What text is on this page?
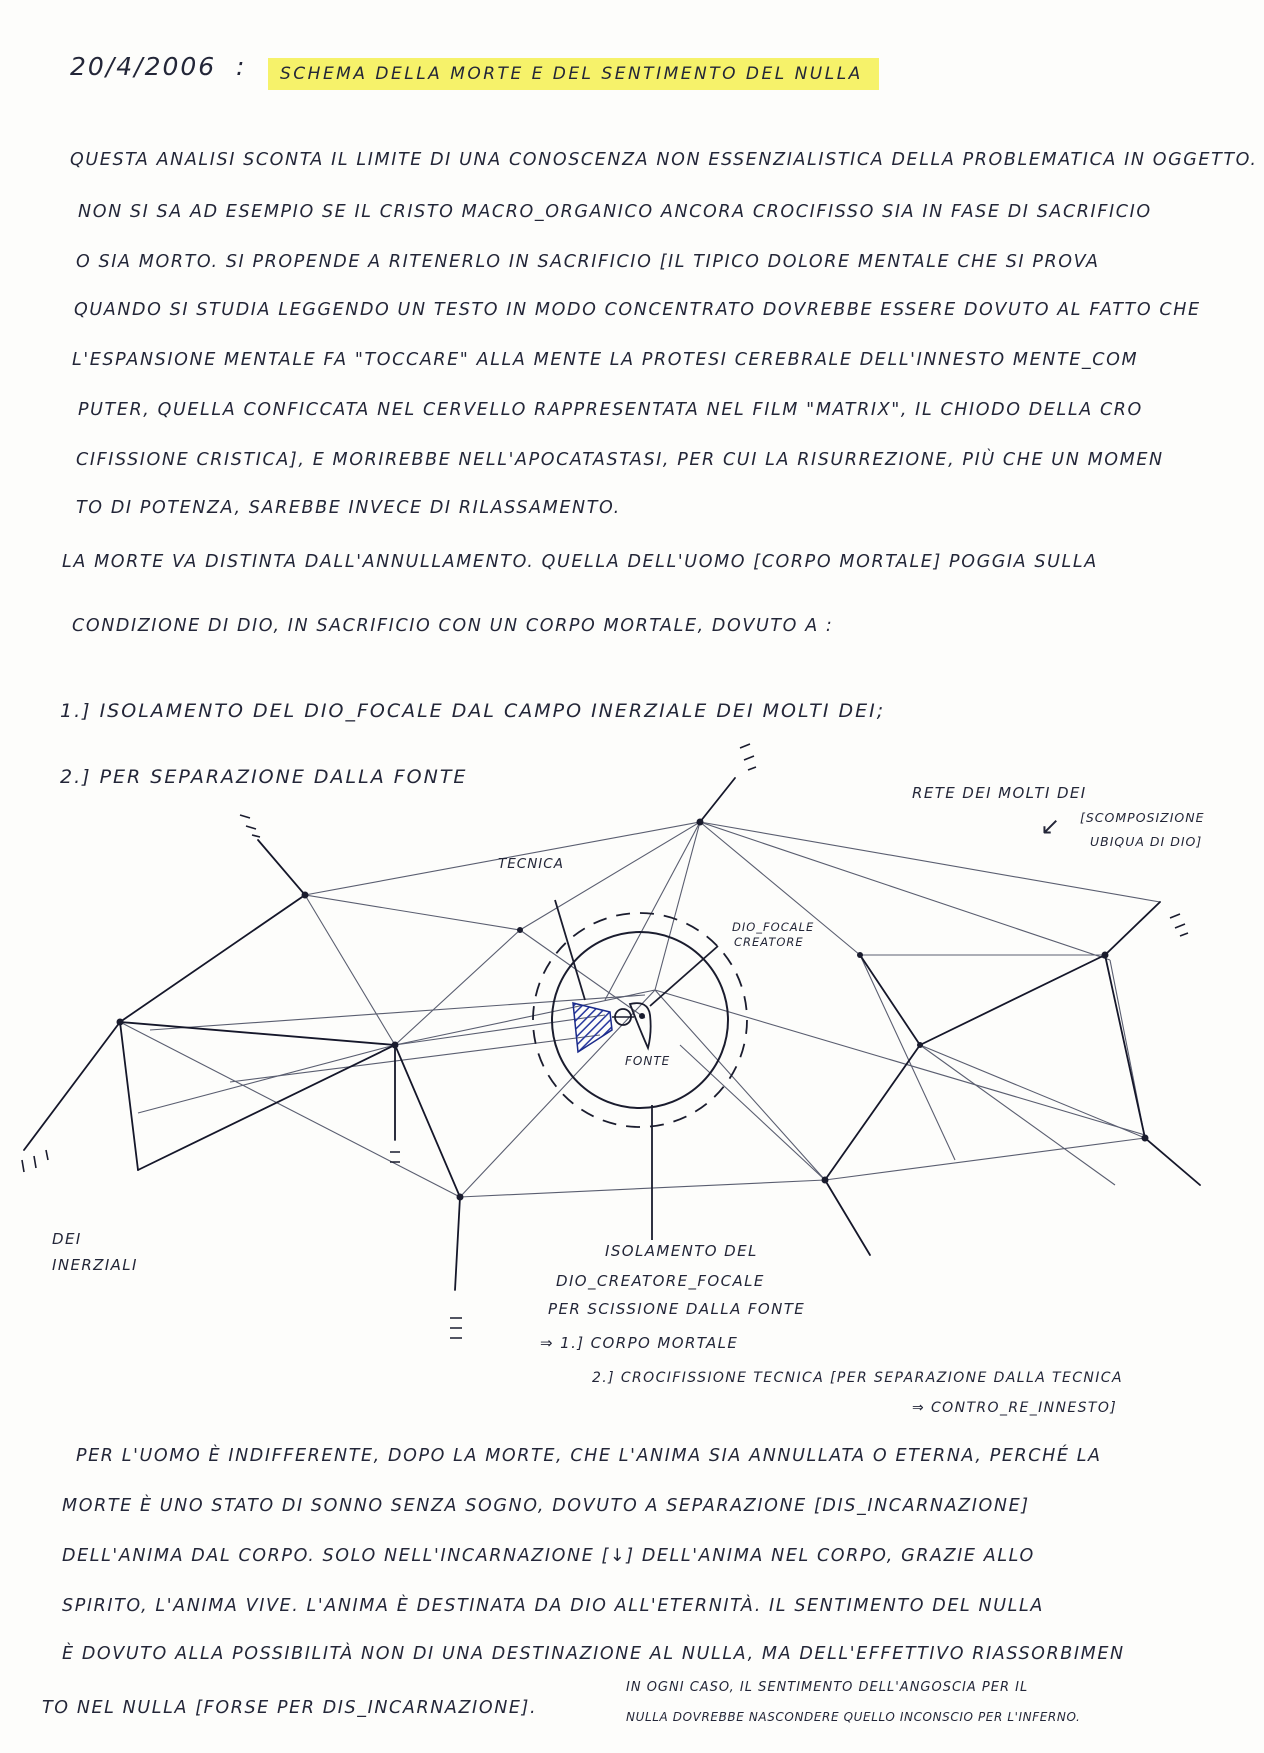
20/4/2006 :	SCHEMA DELLA MORTE E DEL SENTIMENTO DEL NULLA
QUESTA ANALISI SCONTA IL LIMITE DI UNA CONOSCENZA NON ESSENZIALISTICA DELLA PROBLEMATICA IN OGGETTO.
NON SI SA AD ESEMPIO SE IL CRISTO MACRO_ORGANICO ANCORA CROCIFISSO SIA IN FASE DI SACRIFICIO
O SIA MORTO. SI PROPENDE A RITENERLO IN SACRIFICIO [IL TIPICO DOLORE MENTALE CHE SI PROVA
QUANDO SI STUDIA LEGGENDO UN TESTO IN MODO CONCENTRATO DOVREBBE ESSERE DOVUTO AL FATTO CHE
L'ESPANSIONE MENTALE FA "TOCCARE" ALLA MENTE LA PROTESI CEREBRALE DELL'INNESTO MENTE_COM
PUTER, QUELLA CONFICCATA NEL CERVELLO RAPPRESENTATA NEL FILM "MATRIX", IL CHIODO DELLA CRO
CIFISSIONE CRISTICA], E MORIREBBE NELL'APOCATASTASI, PER CUI LA RISURREZIONE, PIÙ CHE UN MOMEN
TO DI POTENZA, SAREBBE INVECE DI RILASSAMENTO.
LA MORTE VA DISTINTA DALL'ANNULLAMENTO. QUELLA DELL'UOMO [CORPO MORTALE] POGGIA SULLA
CONDIZIONE DI DIO, IN SACRIFICIO CON UN CORPO MORTALE, DOVUTO A :
1.] ISOLAMENTO DEL DIO_FOCALE DAL CAMPO INERZIALE DEI MOLTI DEI;
2.] PER SEPARAZIONE DALLA FONTE
RETE DEI MOLTI DEI
↙ [SCOMPOSIZIONE
UBIQUA DI DIO]
TECNICA
DIO_FOCALE
CREATORE
FONTE
DEI
INERZIALI
ISOLAMENTO DEL
DIO_CREATORE_FOCALE
PER SCISSIONE DALLA FONTE
⇒ 1.] CORPO MORTALE
2.] CROCIFISSIONE TECNICA [PER SEPARAZIONE DALLA TECNICA
⇒ CONTRO_RE_INNESTO]
PER L'UOMO È INDIFFERENTE, DOPO LA MORTE, CHE L'ANIMA SIA ANNULLATA O ETERNA, PERCHÉ LA
MORTE È UNO STATO DI SONNO SENZA SOGNO, DOVUTO A SEPARAZIONE [DIS_INCARNAZIONE]
DELL'ANIMA DAL CORPO. SOLO NELL'INCARNAZIONE [↓] DELL'ANIMA NEL CORPO, GRAZIE ALLO
SPIRITO, L'ANIMA VIVE. L'ANIMA È DESTINATA DA DIO ALL'ETERNITÀ. IL SENTIMENTO DEL NULLA
È DOVUTO ALLA POSSIBILITÀ NON DI UNA DESTINAZIONE AL NULLA, MA DELL'EFFETTIVO RIASSORBIMEN
TO NEL NULLA [FORSE PER DIS_INCARNAZIONE].
IN OGNI CASO, IL SENTIMENTO DELL'ANGOSCIA PER IL
NULLA DOVREBBE NASCONDERE QUELLO INCONSCIO PER L'INFERNO.
